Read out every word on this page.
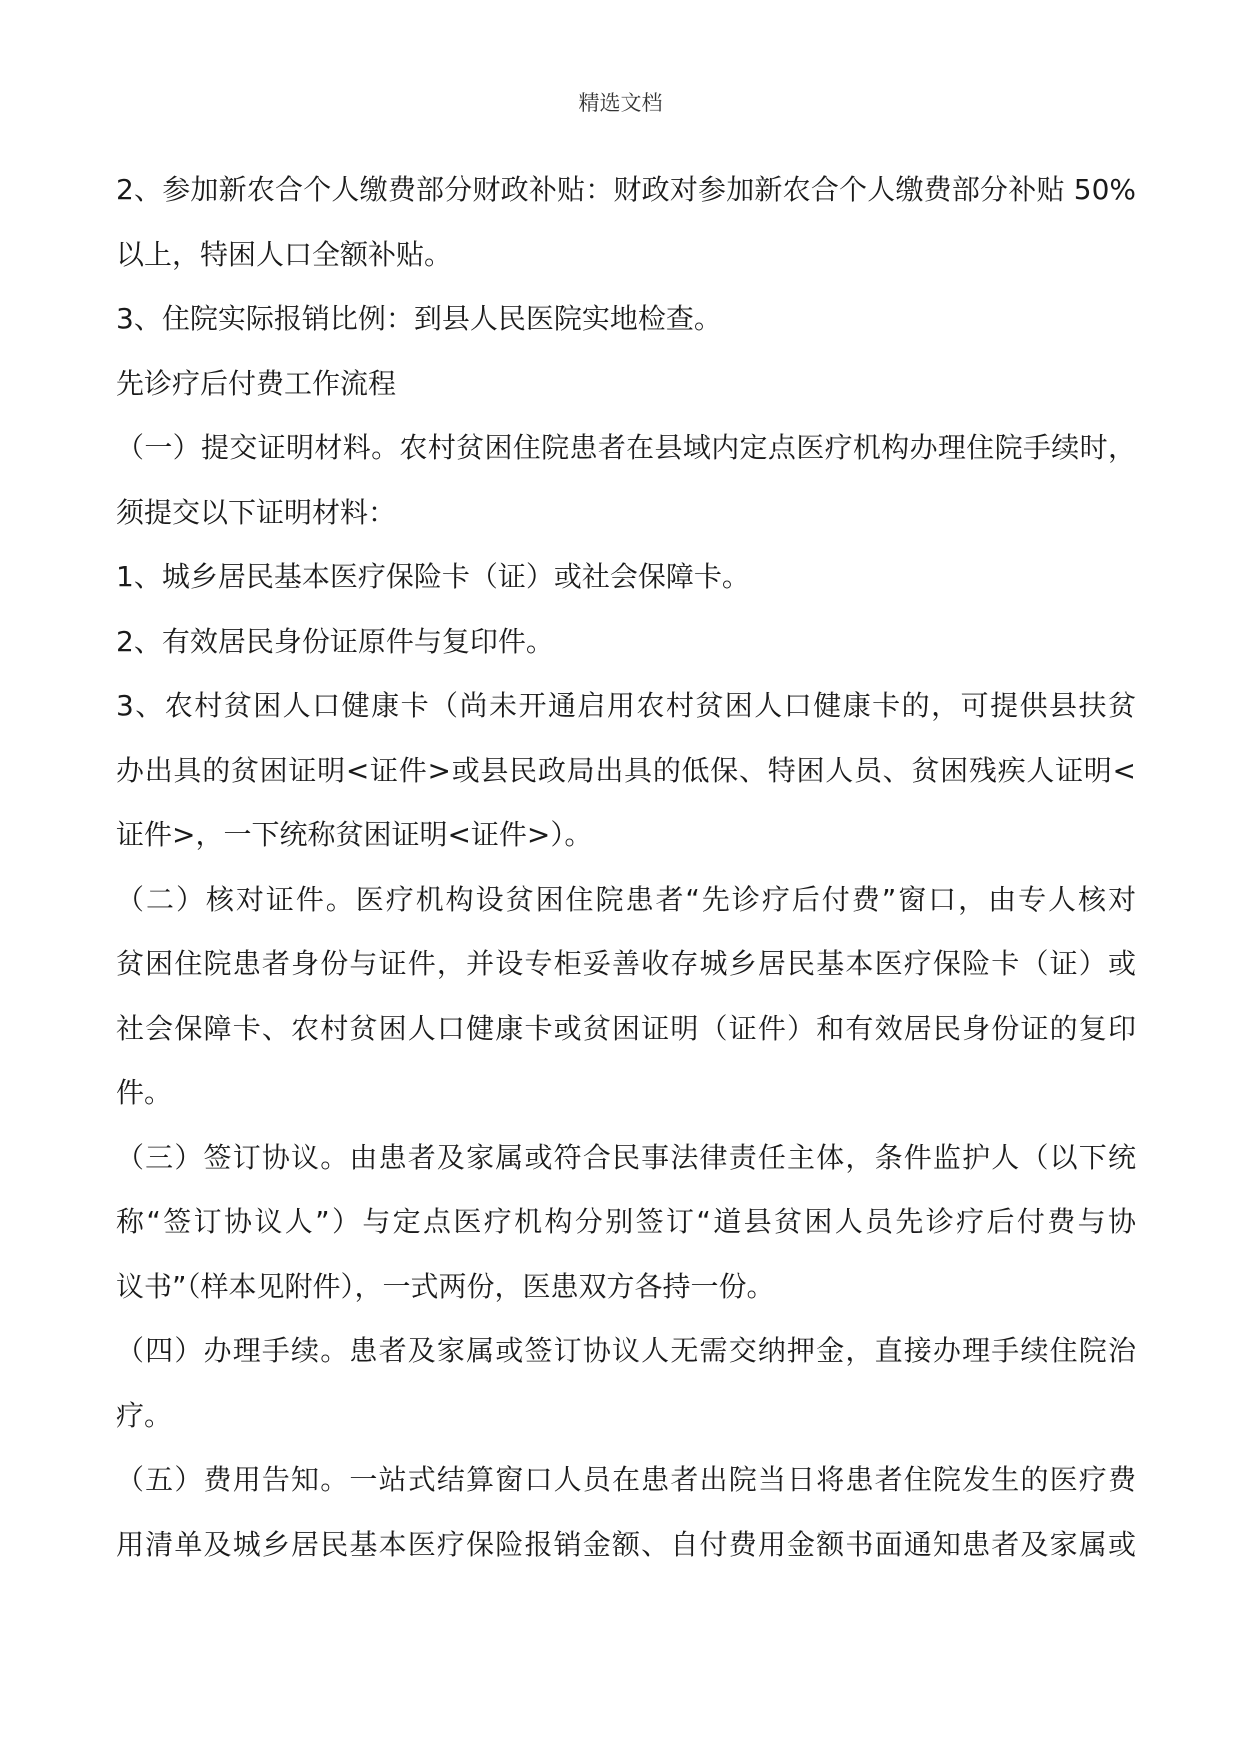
精选文档
2、参加新农合个人缴费部分财政补贴：财政对参加新农合个人缴费部分补贴 50%
以上，特困人口全额补贴。
3、住院实际报销比例：到县人民医院实地检查。
先诊疗后付费工作流程
（一）提交证明材料。农村贫困住院患者在县域内定点医疗机构办理住院手续时，
须提交以下证明材料：
1、城乡居民基本医疗保险卡（证）或社会保障卡。
2、有效居民身份证原件与复印件。
3、农村贫困人口健康卡（尚未开通启用农村贫困人口健康卡的，可提供县扶贫
办出具的贫困证明<证件>或县民政局出具的低保、特困人员、贫困残疾人证明<
证件>，一下统称贫困证明<证件>）。
（二）核对证件。医疗机构设贫困住院患者“先诊疗后付费”窗口，由专人核对
贫困住院患者身份与证件，并设专柜妥善收存城乡居民基本医疗保险卡（证）或
社会保障卡、农村贫困人口健康卡或贫困证明（证件）和有效居民身份证的复印
件。
（三）签订协议。由患者及家属或符合民事法律责任主体，条件监护人（以下统
称“签订协议人”）与定点医疗机构分别签订“道县贫困人员先诊疗后付费与协
议书”（样本见附件），一式两份，医患双方各持一份。
（四）办理手续。患者及家属或签订协议人无需交纳押金，直接办理手续住院治
疗。
（五）费用告知。一站式结算窗口人员在患者出院当日将患者住院发生的医疗费
用清单及城乡居民基本医疗保险报销金额、自付费用金额书面通知患者及家属或
